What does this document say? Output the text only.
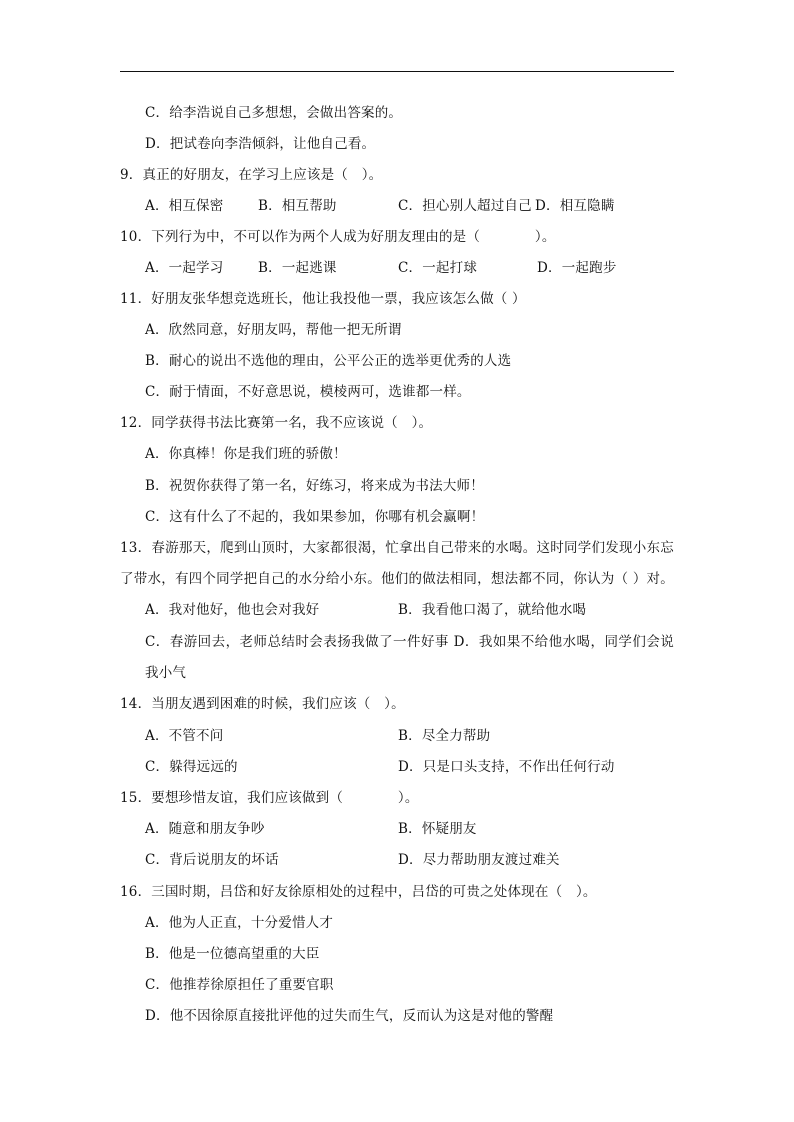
C．给李浩说自己多想想，会做出答案的。
D．把试卷向李浩倾斜，让他自己看。
9．真正的好朋友，在学习上应该是（　）。
A．相互保密	B．相互帮助	C．担心别人超过自己 D．相互隐瞒
10．下列行为中，不可以作为两个人成为好朋友理由的是（　　　　）。
A．一起学习	B．一起逃课	C．一起打球	D．一起跑步
11．好朋友张华想竞选班长，他让我投他一票，我应该怎么做（ ）
A．欣然同意，好朋友吗，帮他一把无所谓
B．耐心的说出不选他的理由，公平公正的选举更优秀的人选
C．耐于情面，不好意思说，模棱两可，选谁都一样。
12．同学获得书法比赛第一名，我不应该说（　）。
A．你真棒！你是我们班的骄傲！
B．祝贺你获得了第一名，好练习，将来成为书法大师！
C．这有什么了不起的，我如果参加，你哪有机会赢啊！
13．春游那天，爬到山顶时，大家都很渴，忙拿出自己带来的水喝。这时同学们发现小东忘
了带水，有四个同学把自己的水分给小东。他们的做法相同，想法都不同，你认为（ ）对。
A．我对他好，他也会对我好	B．我看他口渴了，就给他水喝
C．春游回去，老师总结时会表扬我做了一件好事 D．我如果不给他水喝，同学们会说
我小气
14．当朋友遇到困难的时候，我们应该（　）。
A．不管不问	B．尽全力帮助
C．躲得远远的	D．只是口头支持，不作出任何行动
15．要想珍惜友谊，我们应该做到（　　　　）。
A．随意和朋友争吵	B．怀疑朋友
C．背后说朋友的坏话	D．尽力帮助朋友渡过难关
16．三国时期，吕岱和好友徐原相处的过程中，吕岱的可贵之处体现在（　）。
A．他为人正直，十分爱惜人才
B．他是一位德高望重的大臣
C．他推荐徐原担任了重要官职
D．他不因徐原直接批评他的过失而生气，反而认为这是对他的警醒
